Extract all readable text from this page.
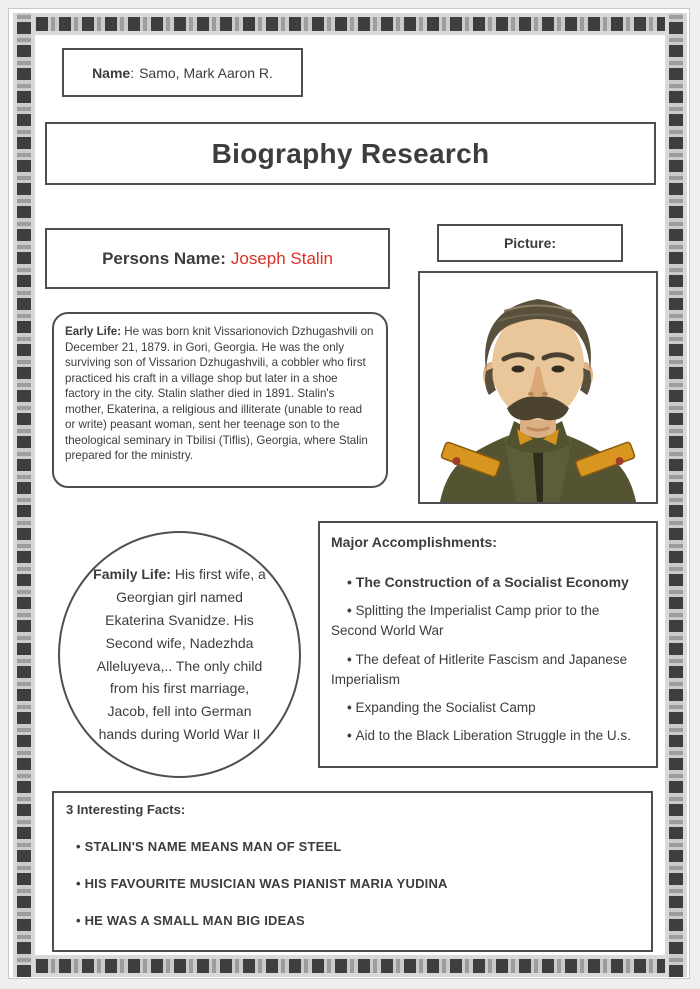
Name : Samo, Mark Aaron R.
Biography Research
Persons Name : Joseph Stalin
Picture:
Early Life: He was born knit Vissarionovich Dzhugashvili on December 21, 1879. in Gori, Georgia. He was the only surviving son of Vissarion Dzhugashvili, a cobbler who first practiced his craft in a village shop but later in a shoe factory in the city. Stalin slather died in 1891. Stalin's mother, Ekaterina, a religious and illiterate (unable to read or write) peasant woman, sent her teenage son to the theological seminary in Tbilisi (Tiflis), Georgia, where Stalin prepared for the ministry.
Family Life: His first wife, a Georgian girl named Ekaterina Svanidze. His Second wife, Nadezhda Alleluyeva,.. The only child from his first marriage, Jacob, fell into German hands during World War II
Major Accomplishments:
• The Construction of a Socialist Economy
• Splitting the Imperialist Camp prior to the Second World War
• The defeat of Hitlerite Fascism and Japanese Imperialism
• Expanding the Socialist Camp
• Aid to the Black Liberation Struggle in the U.s.
3 Interesting Facts:
• STALIN'S NAME MEANS MAN OF STEEL
• HIS FAVOURITE MUSICIAN WAS PIANIST MARIA YUDINA
• HE WAS A SMALL MAN BIG IDEAS
